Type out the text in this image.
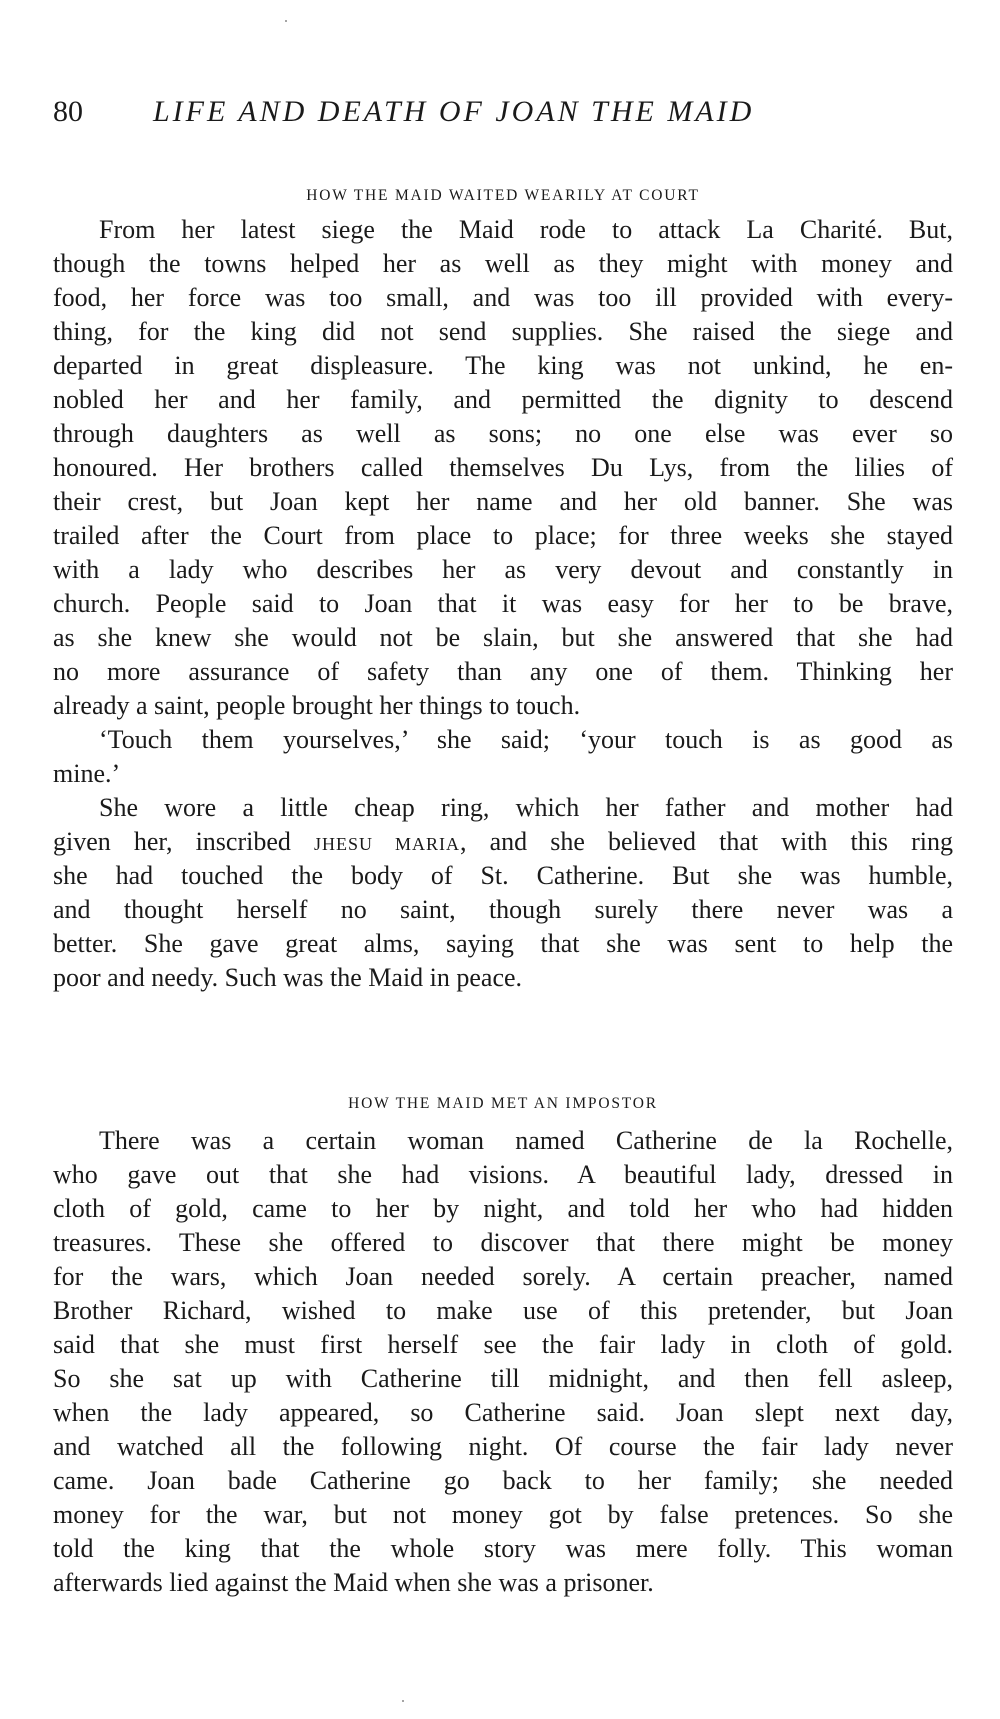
80 LIFE AND DEATH OF JOAN THE MAID
HOW THE MAID WAITED WEARILY AT COURT
From her latest siege the Maid rode to attack La Charité. But,
though the towns helped her as well as they might with money and
food, her force was too small, and was too ill provided with every-
thing, for the king did not send supplies. She raised the siege and
departed in great displeasure. The king was not unkind, he en-
nobled her and her family, and permitted the dignity to descend
through daughters as well as sons; no one else was ever so
honoured. Her brothers called themselves Du Lys, from the lilies of
their crest, but Joan kept her name and her old banner. She was
trailed after the Court from place to place; for three weeks she stayed
with a lady who describes her as very devout and constantly in
church. People said to Joan that it was easy for her to be brave,
as she knew she would not be slain, but she answered that she had
no more assurance of safety than any one of them. Thinking her
already a saint, people brought her things to touch.
‘Touch them yourselves,’ she said; ‘your touch is as good as
mine.’
She wore a little cheap ring, which her father and mother had
given her, inscribed JHESU MARIA, and she believed that with this ring
she had touched the body of St. Catherine. But she was humble,
and thought herself no saint, though surely there never was a
better. She gave great alms, saying that she was sent to help the
poor and needy. Such was the Maid in peace.
HOW THE MAID MET AN IMPOSTOR
There was a certain woman named Catherine de la Rochelle,
who gave out that she had visions. A beautiful lady, dressed in
cloth of gold, came to her by night, and told her who had hidden
treasures. These she offered to discover that there might be money
for the wars, which Joan needed sorely. A certain preacher, named
Brother Richard, wished to make use of this pretender, but Joan
said that she must first herself see the fair lady in cloth of gold.
So she sat up with Catherine till midnight, and then fell asleep,
when the lady appeared, so Catherine said. Joan slept next day,
and watched all the following night. Of course the fair lady never
came. Joan bade Catherine go back to her family; she needed
money for the war, but not money got by false pretences. So she
told the king that the whole story was mere folly. This woman
afterwards lied against the Maid when she was a prisoner.
